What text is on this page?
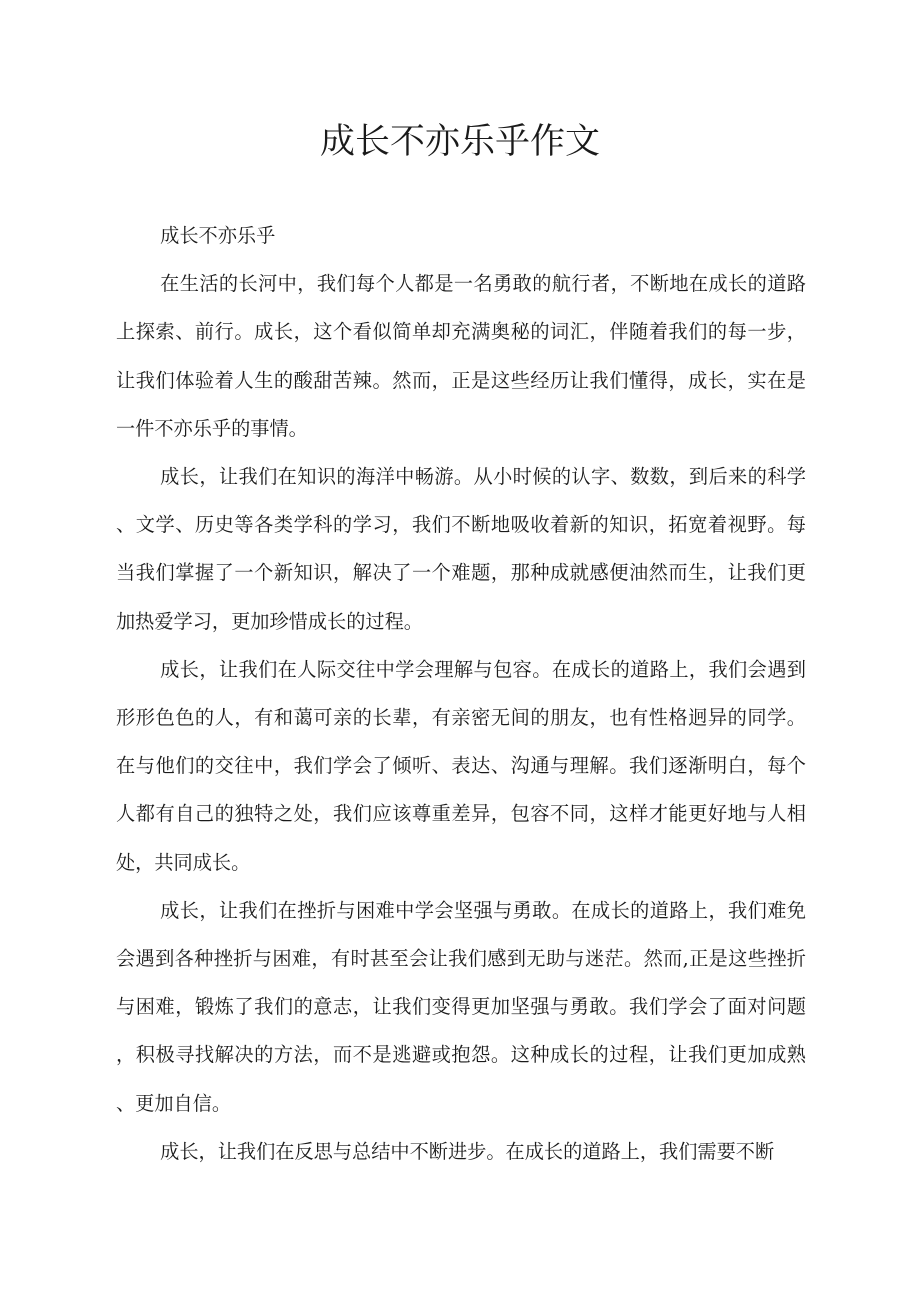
成长不亦乐乎作文

成长不亦乐乎

在生活的长河中，我们每个人都是一名勇敢的航行者，不断地在成长的道路上探索、前行。成长，这个看似简单却充满奥秘的词汇，伴随着我们的每一步，让我们体验着人生的酸甜苦辣。然而，正是这些经历让我们懂得，成长，实在是一件不亦乐乎的事情。

成长，让我们在知识的海洋中畅游。从小时候的认字、数数，到后来的科学、文学、历史等各类学科的学习，我们不断地吸收着新的知识，拓宽着视野。每当我们掌握了一个新知识，解决了一个难题，那种成就感便油然而生，让我们更加热爱学习，更加珍惜成长的过程。

成长，让我们在人际交往中学会理解与包容。在成长的道路上，我们会遇到形形色色的人，有和蔼可亲的长辈，有亲密无间的朋友，也有性格迥异的同学。在与他们的交往中，我们学会了倾听、表达、沟通与理解。我们逐渐明白，每个人都有自己的独特之处，我们应该尊重差异，包容不同，这样才能更好地与人相处，共同成长。

成长，让我们在挫折与困难中学会坚强与勇敢。在成长的道路上，我们难免会遇到各种挫折与困难，有时甚至会让我们感到无助与迷茫。然而,正是这些挫折与困难，锻炼了我们的意志，让我们变得更加坚强与勇敢。我们学会了面对问题，积极寻找解决的方法，而不是逃避或抱怨。这种成长的过程，让我们更加成熟、更加自信。

成长，让我们在反思与总结中不断进步。在成长的道路上，我们需要不断
